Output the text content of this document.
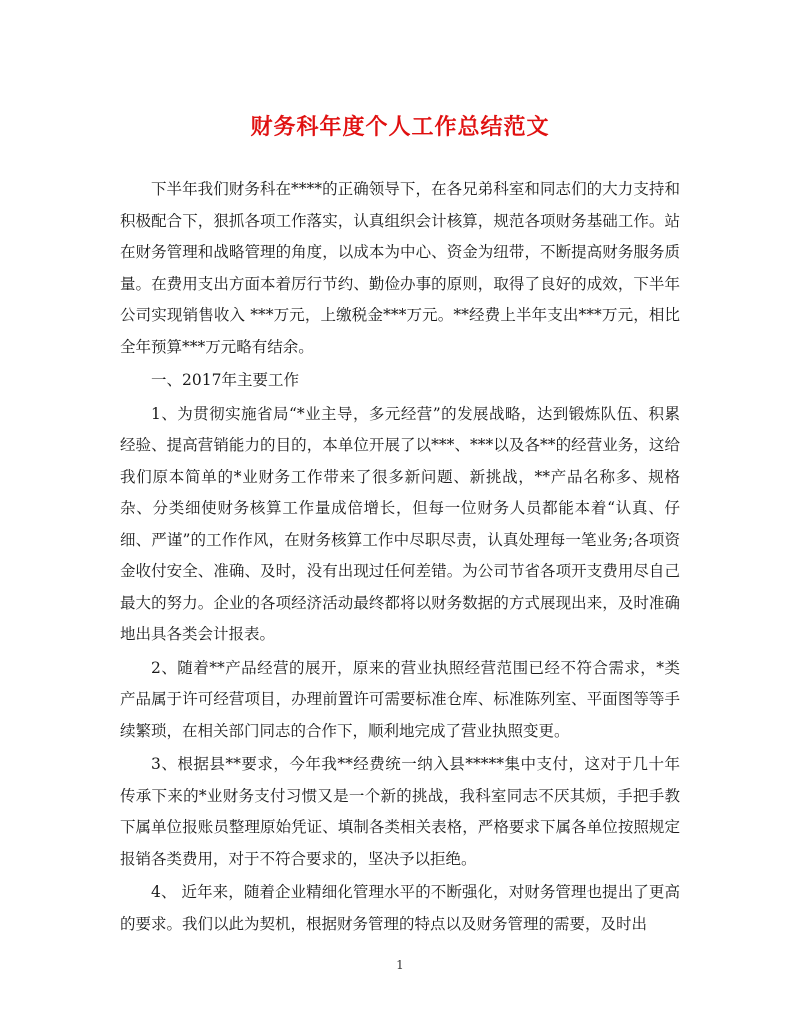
财务科年度个人工作总结范文

下半年我们财务科在****的正确领导下，在各兄弟科室和同志们的大力支持和积极配合下，狠抓各项工作落实，认真组织会计核算，规范各项财务基础工作。站在财务管理和战略管理的角度，以成本为中心、资金为纽带，不断提高财务服务质量。在费用支出方面本着厉行节约、勤俭办事的原则，取得了良好的成效，下半年公司实现销售收入 ***万元，上缴税金***万元。**经费上半年支出***万元，相比全年预算***万元略有结余。

一、2017年主要工作

1、为贯彻实施省局“*业主导，多元经营”的发展战略，达到锻炼队伍、积累经验、提高营销能力的目的，本单位开展了以***、***以及各**的经营业务，这给我们原本简单的*业财务工作带来了很多新问题、新挑战，**产品名称多、规格杂、分类细使财务核算工作量成倍增长，但每一位财务人员都能本着“认真、仔细、严谨”的工作作风，在财务核算工作中尽职尽责，认真处理每一笔业务;各项资金收付安全、准确、及时，没有出现过任何差错。为公司节省各项开支费用尽自己最大的努力。企业的各项经济活动最终都将以财务数据的方式展现出来，及时准确地出具各类会计报表。

2、随着**产品经营的展开，原来的营业执照经营范围已经不符合需求，*类产品属于许可经营项目，办理前置许可需要标准仓库、标准陈列室、平面图等等手续繁琐，在相关部门同志的合作下，顺利地完成了营业执照变更。

3、根据县**要求，今年我**经费统一纳入县*****集中支付，这对于几十年传承下来的*业财务支付习惯又是一个新的挑战，我科室同志不厌其烦，手把手教下属单位报账员整理原始凭证、填制各类相关表格，严格要求下属各单位按照规定报销各类费用，对于不符合要求的，坚决予以拒绝。

4、 近年来，随着企业精细化管理水平的不断强化，对财务管理也提出了更高的要求。我们以此为契机，根据财务管理的特点以及财务管理的需要，及时出

1
